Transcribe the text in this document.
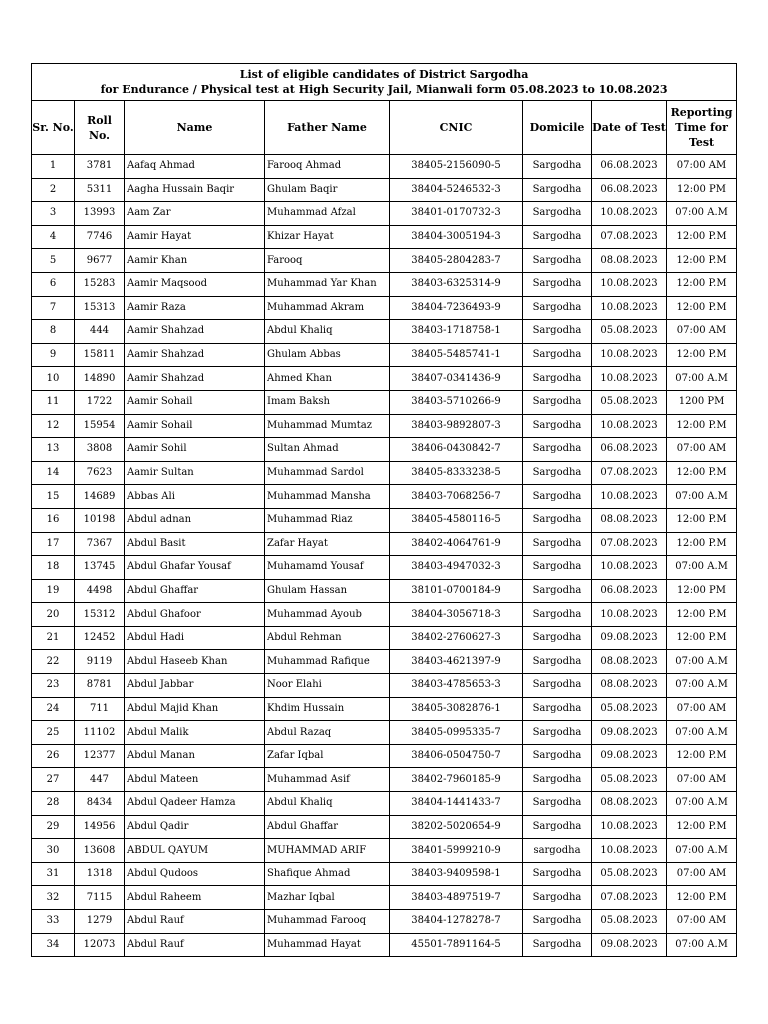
List of eligible candidates of District Sargodha
for Endurance / Physical test at High Security Jail, Mianwali form 05.08.2023 to 10.08.2023							

Sr. No.	Roll No.	Name	Father Name	CNIC	Domicile	Date of Test	Reporting Time for Test
1	3781	Aafaq Ahmad	Farooq Ahmad	38405-2156090-5	Sargodha	06.08.2023	07:00 AM
2	5311	Aagha Hussain Baqir	Ghulam Baqir	38404-5246532-3	Sargodha	06.08.2023	12:00 PM
3	13993	Aam Zar	Muhammad Afzal	38401-0170732-3	Sargodha	10.08.2023	07:00 A.M
4	7746	Aamir Hayat	Khizar Hayat	38404-3005194-3	Sargodha	07.08.2023	12:00 P.M
5	9677	Aamir Khan	Farooq	38405-2804283-7	Sargodha	08.08.2023	12:00 P.M
6	15283	Aamir Maqsood	Muhammad Yar Khan	38403-6325314-9	Sargodha	10.08.2023	12:00 P.M
7	15313	Aamir Raza	Muhammad Akram	38404-7236493-9	Sargodha	10.08.2023	12:00 P.M
8	444	Aamir Shahzad	Abdul Khaliq	38403-1718758-1	Sargodha	05.08.2023	07:00 AM
9	15811	Aamir Shahzad	Ghulam Abbas	38405-5485741-1	Sargodha	10.08.2023	12:00 P.M
10	14890	Aamir Shahzad	Ahmed Khan	38407-0341436-9	Sargodha	10.08.2023	07:00 A.M
11	1722	Aamir Sohail	Imam Baksh	38403-5710266-9	Sargodha	05.08.2023	1200 PM
12	15954	Aamir Sohail	Muhammad Mumtaz	38403-9892807-3	Sargodha	10.08.2023	12:00 P.M
13	3808	Aamir Sohil	Sultan Ahmad	38406-0430842-7	Sargodha	06.08.2023	07:00 AM
14	7623	Aamir Sultan	Muhammad Sardol	38405-8333238-5	Sargodha	07.08.2023	12:00 P.M
15	14689	Abbas Ali	Muhammad Mansha	38403-7068256-7	Sargodha	10.08.2023	07:00 A.M
16	10198	Abdul adnan	Muhammad Riaz	38405-4580116-5	Sargodha	08.08.2023	12:00 P.M
17	7367	Abdul Basit	Zafar Hayat	38402-4064761-9	Sargodha	07.08.2023	12:00 P.M
18	13745	Abdul Ghafar Yousaf	Muhamamd Yousaf	38403-4947032-3	Sargodha	10.08.2023	07:00 A.M
19	4498	Abdul Ghaffar	Ghulam Hassan	38101-0700184-9	Sargodha	06.08.2023	12:00 PM
20	15312	Abdul Ghafoor	Muhammad Ayoub	38404-3056718-3	Sargodha	10.08.2023	12:00 P.M
21	12452	Abdul Hadi	Abdul Rehman	38402-2760627-3	Sargodha	09.08.2023	12:00 P.M
22	9119	Abdul Haseeb Khan	Muhammad Rafique	38403-4621397-9	Sargodha	08.08.2023	07:00 A.M
23	8781	Abdul Jabbar	Noor Elahi	38403-4785653-3	Sargodha	08.08.2023	07:00 A.M
24	711	Abdul Majid Khan	Khdim Hussain	38405-3082876-1	Sargodha	05.08.2023	07:00 AM
25	11102	Abdul Malik	Abdul Razaq	38405-0995335-7	Sargodha	09.08.2023	07:00 A.M
26	12377	Abdul Manan	Zafar Iqbal	38406-0504750-7	Sargodha	09.08.2023	12:00 P.M
27	447	Abdul Mateen	Muhammad Asif	38402-7960185-9	Sargodha	05.08.2023	07:00 AM
28	8434	Abdul Qadeer Hamza	Abdul Khaliq	38404-1441433-7	Sargodha	08.08.2023	07:00 A.M
29	14956	Abdul Qadir	Abdul Ghaffar	38202-5020654-9	Sargodha	10.08.2023	12:00 P.M
30	13608	ABDUL QAYUM	MUHAMMAD ARIF	38401-5999210-9	sargodha	10.08.2023	07:00 A.M
31	1318	Abdul Qudoos	Shafique Ahmad	38403-9409598-1	Sargodha	05.08.2023	07:00 AM
32	7115	Abdul Raheem	Mazhar Iqbal	38403-4897519-7	Sargodha	07.08.2023	12:00 P.M
33	1279	Abdul Rauf	Muhammad Farooq	38404-1278278-7	Sargodha	05.08.2023	07:00 AM
34	12073	Abdul Rauf	Muhammad Hayat	45501-7891164-5	Sargodha	09.08.2023	07:00 A.M
